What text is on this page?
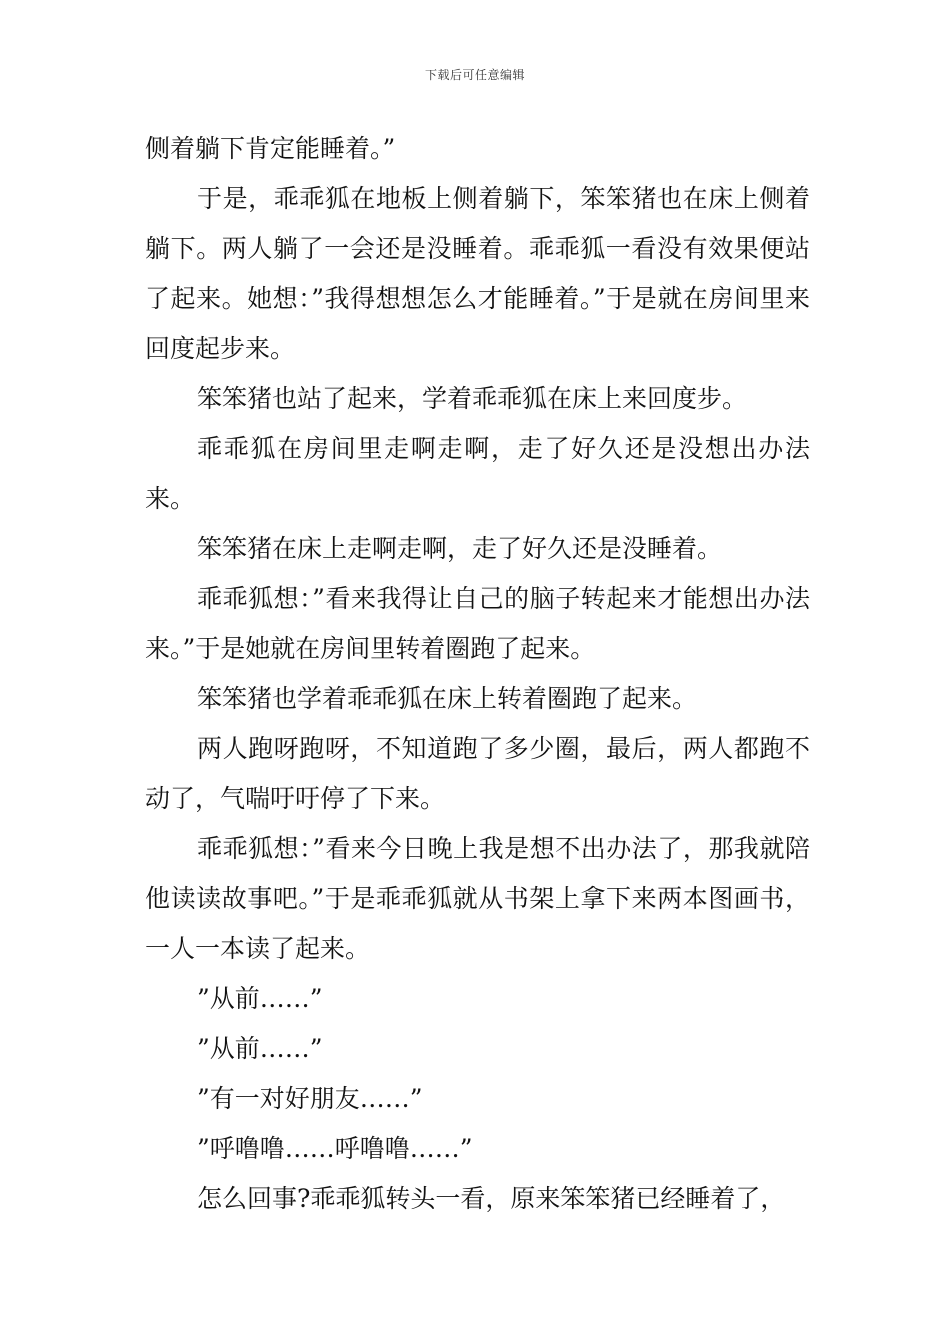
下载后可任意编辑

侧着躺下肯定能睡着。”

于是，乖乖狐在地板上侧着躺下，笨笨猪也在床上侧着躺下。两人躺了一会还是没睡着。乖乖狐一看没有效果便站了起来。她想：”我得想想怎么才能睡着。”于是就在房间里来回度起步来。

笨笨猪也站了起来，学着乖乖狐在床上来回度步。

乖乖狐在房间里走啊走啊，走了好久还是没想出办法来。

笨笨猪在床上走啊走啊，走了好久还是没睡着。

乖乖狐想：”看来我得让自己的脑子转起来才能想出办法来。”于是她就在房间里转着圈跑了起来。

笨笨猪也学着乖乖狐在床上转着圈跑了起来。

两人跑呀跑呀，不知道跑了多少圈，最后，两人都跑不动了，气喘吁吁停了下来。

乖乖狐想：”看来今日晚上我是想不出办法了，那我就陪他读读故事吧。”于是乖乖狐就从书架上拿下来两本图画书，一人一本读了起来。

”从前……”

”从前……”

”有一对好朋友……”

”呼噜噜……呼噜噜……”

怎么回事?乖乖狐转头一看，原来笨笨猪已经睡着了，
